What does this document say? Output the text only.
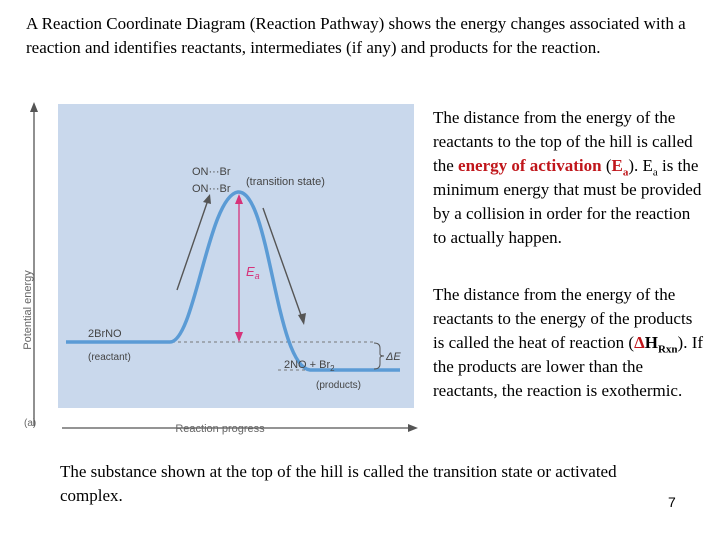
A Reaction Coordinate Diagram (Reaction Pathway) shows the energy changes associated with a reaction and identifies reactants, intermediates (if any) and products for the reaction.
Potential energy
Reaction progress
(a)
$E_a$
ON···Br
ON···Br
(transition state)
2BrNO
(reactant)
$2NO + Br_2$
(products)
ΔE
The distance from the energy of the reactants to the top of the hill is called the energy of activation $(E_a)$. $E_a$ is the minimum energy that must be provided by a collision in order for the reaction to actually happen.
The distance from the energy of the reactants to the energy of the products is called the heat of reaction $(\Delta H_{Rxn})$. If the products are lower than the reactants, the reaction is exothermic.
The substance shown at the top of the hill is called the transition state or activated complex.	7
